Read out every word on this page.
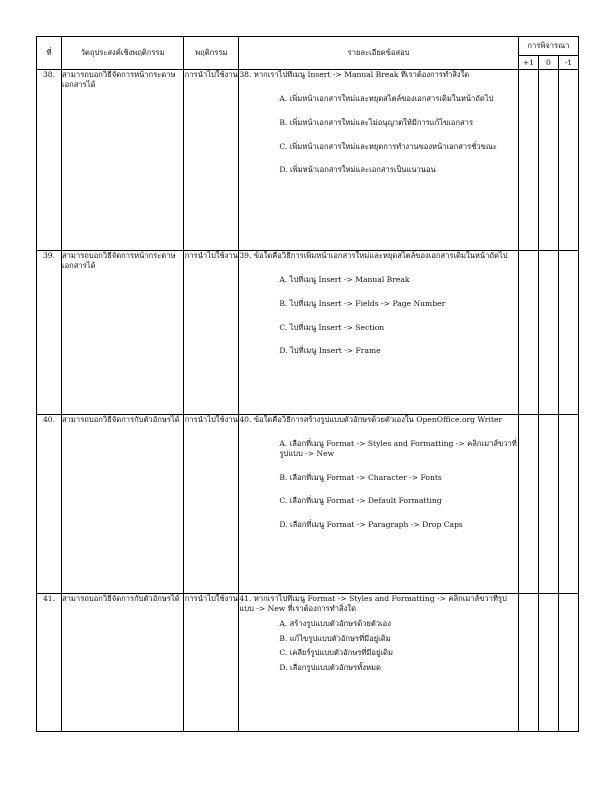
ที่	วัตถุประสงค์เชิงพฤติกรรม	พฤติกรรม	รายละเอียดข้อสอบ	การพิจารณา		
				+1	0	-1
38.	สามารถบอกวิธีจัดการหน้ากระดาษเอกสารได้	การนำไปใช้งาน	38. หากเราไปที่เมนู Insert -> Manual Break ที่เราต้องการทำสิ่งใด
A. เพิ่มหน้าเอกสารใหม่และหยุดสไตล์ของเอกสารเดิมในหน้าถัดไป
B. เพิ่มหน้าเอกสารใหม่และไม่อนุญาตให้มีการแก้ไขเอกสาร
C. เพิ่มหน้าเอกสารใหม่และหยุดการทำงานของหน้าเอกสารชั่วขณะ
D. เพิ่มหน้าเอกสารใหม่และเอกสารเป็นแนวนอน			

39.	สามารถบอกวิธีจัดการหน้ากระดาษเอกสารได้	การนำไปใช้งาน	39. ข้อใดคือวิธีการเพิ่มหน้าเอกสารใหม่และหยุดสไตล์ของเอกสารเดิมในหน้าถัดไป
A. ไปที่เมนู Insert -> Manual Break
B. ไปที่เมนู Insert -> Fields -> Page Number
C. ไปที่เมนู Insert -> Section
D. ไปที่เมนู Insert -> Frame			

40.	สามารถบอกวิธีจัดการกับตัวอักษรได้	การนำไปใช้งาน	40. ข้อใดคือวิธีการสร้างรูปแบบตัวอักษรด้วยตัวเองใน OpenOffice.org Writer
A. เลือกที่เมนู Format -> Styles and Formatting -> คลิกเมาส์ขวาที่รูปแบบ -> New
B. เลือกที่เมนู Format -> Character -> Fonts
C. เลือกที่เมนู Format -> Default Formatting
D. เลือกที่เมนู Format -> Paragraph -> Drop Caps			

41.	สามารถบอกวิธีจัดการกับตัวอักษรได้	การนำไปใช้งาน	41. หากเราไปที่เมนู Format -> Styles and Formatting -> คลิกเมาส์ขวาที่รูปแบบ -> New ที่เราต้องการทำสิ่งใด
A. สร้างรูปแบบตัวอักษรด้วยตัวเอง
B. แก้ไขรูปแบบตัวอักษรที่มีอยู่เดิม
C. เคลียร์รูปแบบตัวอักษรที่มีอยู่เดิม
D. เลือกรูปแบบตัวอักษรทั้งหมด			
